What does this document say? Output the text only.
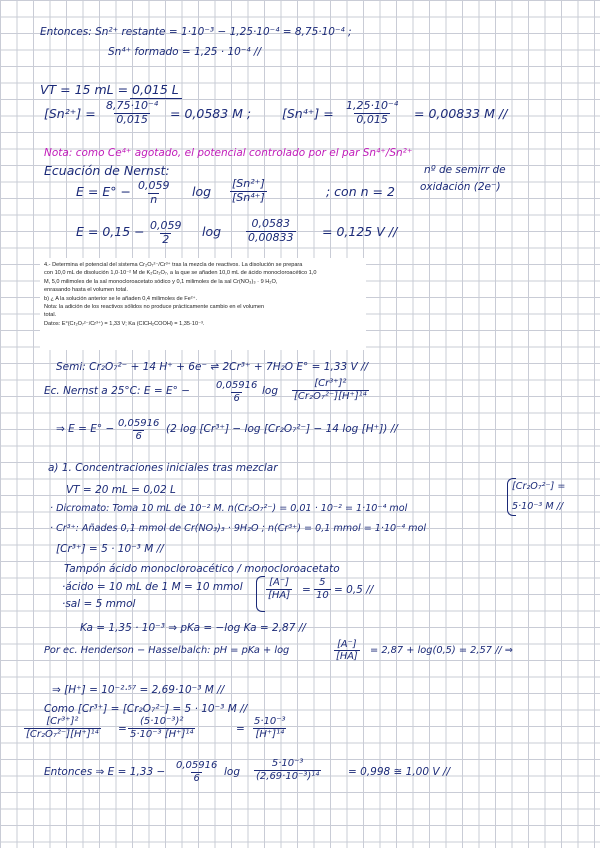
Entonces: Sn²⁺ restante = 1·10⁻³ − 1,25·10⁻⁴ = 8,75·10⁻⁴ ;
Sn⁴⁺ formado = 1,25 · 10⁻⁴ //
VT = 15 mL = 0,015 L
$[Sn^{2+}] = \frac{\text{8,75·10⁻⁴}}{0,015} = 0,0583$ M ; $[Sn^{4+}] = \frac{\text{1,25·10⁻⁴}}{0,015} = 0,00833$ M //
Nota: como Ce⁴⁺ agotado, el potencial controlado por el par Sn⁴⁺/Sn²⁺
Ecuación de Nernst:	nº de semirr de
oxidación (2e⁻)
$E = E^\circ - \frac{0,059}{n}$ $\log \frac{\text{[Sn²⁺]}}{\text{[Sn⁴⁺]}}$	; con n = 2
$E = 0,15 - \frac{0,059}{2}$ $\log \frac{0,0583}{0,00833} = 0,125$ V //
4.- Determina el potencial del sistema Cr₂O₇²⁻/Cr³⁺ tras la mezcla de reactivos. La disolución se prepara
con 10,0 mL de disolución 1,0·10⁻² M de K₂Cr₂O₇, a la que se añaden 10,0 mL de ácido monocloroacético 1,0
M, 5,0 milimoles de la sal monocloroacetato sódico y 0,1 milimoles de la sal Cr(NO₃)₃ · 9 H₂O,
enrasando hasta el volumen total.
b) ¿ A la solución anterior se le añaden 0,4 milimoles de Fe²⁺.
Nota: la adición de los reactivos sólidos no produce prácticamente cambio en el volumen
total.
Datos: E°(Cr₂O₇²⁻/Cr³⁺) = 1,33 V; Ka (ClCH₂COOH) = 1,35·10⁻³.
Semi: Cr₂O₇²⁻ + 14 H⁺ + 6e⁻ ⇌ 2Cr³⁺ + 7H₂O E° = 1,33 V //
Ec. Nernst a 25°C: $E = E^\circ - \frac{0,05916}{6}$ $\log \frac{\text{[Cr³⁺]²}}{\text{[Cr₂O₇²⁻][H⁺]¹⁴}}$
⇒ $E = E^\circ - \frac{0,05916}{6} (2$ log [Cr³⁺] − log [Cr₂O₇²⁻] − 14 log [H⁺]) //
a) 1. Concentraciones iniciales tras mezclar
VT = 20 mL = 0,02 L
· Dicromato: Toma 10 mL de 10⁻² M. n(Cr₂O₇²⁻) = 0,01 · 10⁻² = 1·10⁻⁴ mol
[Cr₂O₇²⁻] =
5·10⁻³ M //
· Cr³⁺: Añades 0,1 mmol de Cr(NO₃)₃ · 9H₂O ; n(Cr³⁺) = 0,1 mmol = 1·10⁻⁴ mol
[Cr³⁺] = 5 · 10⁻³ M //
Tampón ácido monocloroacético / monocloroacetato
·ácido = 10 mL de 1 M = 10 mmol
·sal = 5 mmol
$\frac{[A^-]}{[HA]} = \frac{5}{10} = 0,5$ //
Ka = 1,35 · 10⁻³ ⇒ pKa = −log Ka = 2,87 //
Por ec. Henderson − Hasselbalch: pH = pKa + log	$\frac{[A^-]}{[HA]} = 2,87 + \log(0,5) = 2,57$ // ⇒
⇒ [H⁺] = 10⁻²·⁵⁷ = 2,69·10⁻³ M //
Como [Cr³⁺] = [Cr₂O₇²⁻] = 5 · 10⁻³ M //
$\frac{\text{[Cr³⁺]²}}{\text{[Cr₂O₇²⁻][H⁺]¹⁴}} = \frac{\text{(5·10⁻³)²}}{\text{5·10⁻³ [H⁺]¹⁴}}$	= $\frac{\text{5·10⁻³}}{\text{[H⁺]¹⁴}}$
Entonces ⇒ $E = 1,33 - \frac{0,05916}{6}$ $\log \frac{\text{5·10⁻³}}{\text{(2,69·10⁻³)¹⁴}}$	= 0,998 ≅ 1,00 V //
